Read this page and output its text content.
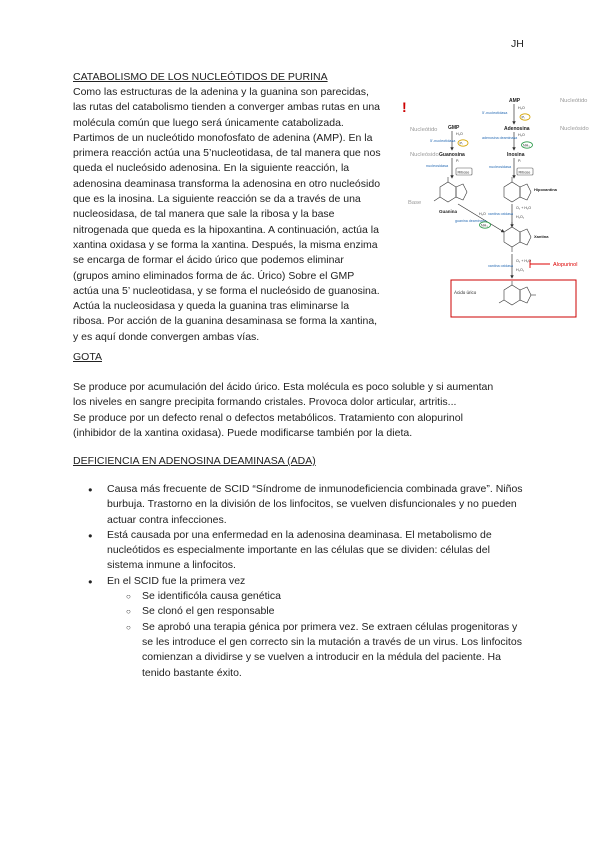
JH
CATABOLISMO DE LOS NUCLEÓTIDOS DE PURINA

Como las estructuras de la adenina y la guanina son parecidas,
las rutas del catabolismo tienden a converger ambas rutas en una
molécula común que luego será únicamente catabolizada.
Partimos de un nucleótido monofosfato de adenina (AMP). En la
primera reacción actúa una 5’nucleotidasa, de tal manera que nos
queda el nucleósido adenosina. En la siguiente reacción, la
adenosina deaminasa transforma la adenosina en otro nucleósido
que es la inosina. La siguiente reacción se da a través de una
nucleosidasa, de tal manera que sale la ribosa y la base
nitrogenada que queda es la hipoxantina. A continuación, actúa la
xantina oxidasa y se forma la xantina. Después, la misma enzima
se encarga de formar el ácido úrico que podemos eliminar
(grupos amino eliminados forma de ác. Úrico) Sobre el GMP
actúa una 5’ nucleotidasa, y se forma el nucleósido de guanosina.
Actúa la nucleosidasa y queda la guanina tras eliminarse la
ribosa. Por acción de la guanina desaminasa se forma la xantina,
y es aquí donde convergen ambas vías.

!	Nucleótido
Nucleósido
Nucleótido
Nucleósido
Base
AMP
5'-nucleotidasa
H₂O
Pᵢ
Adenosina
adenosina deaminasa
H₂O
NH₃
Inosina
nucleosidasa
Pᵢ
Ribose
GMP
5'-nucleotidasa
H₂O
Pᵢ
Guanosina
nucleosidasa
Pᵢ
Ribose
Guanina
Hipoxantina
xantina oxidasa
O₂ + H₂O
H₂O₂
guanina deaminasa
H₂O
NH₃
Xantina
xantina oxidasa
O₂ + H₂O
H₂O₂
Alopurinol
Ácido úrico
GOTA

Se produce por acumulación del ácido úrico. Esta molécula es poco soluble y si aumentan
los niveles en sangre precipita formando cristales. Provoca dolor articular, artritis...
Se produce por un defecto renal o defectos metabólicos. Tratamiento con alopurinol
(inhibidor de la xantina oxidasa). Puede modificarse también por la dieta.

DEFICIENCIA EN ADENOSINA DEAMINASA (ADA)
● Causa más frecuente de SCID “Síndrome de inmunodeficiencia combinada grave”. Niños burbuja. Trastorno en la división de los linfocitos, se vuelven disfuncionales y no pueden actuar contra infecciones.
● Está causada por una enfermedad en la adenosina deaminasa. El metabolismo de nucleótidos es especialmente importante en las células que se dividen: células del sistema inmune a linfocitos.
● En el SCID fue la primera vez
○ Se identificóla causa genética
○ Se clonó el gen responsable
○ Se aprobó una terapia génica por primera vez. Se extraen células progenitoras y se les introduce el gen correcto sin la mutación a través de un virus. Los linfocitos comienzan a dividirse y se vuelven a introducir en la médula del paciente. Ha tenido bastante éxito.
